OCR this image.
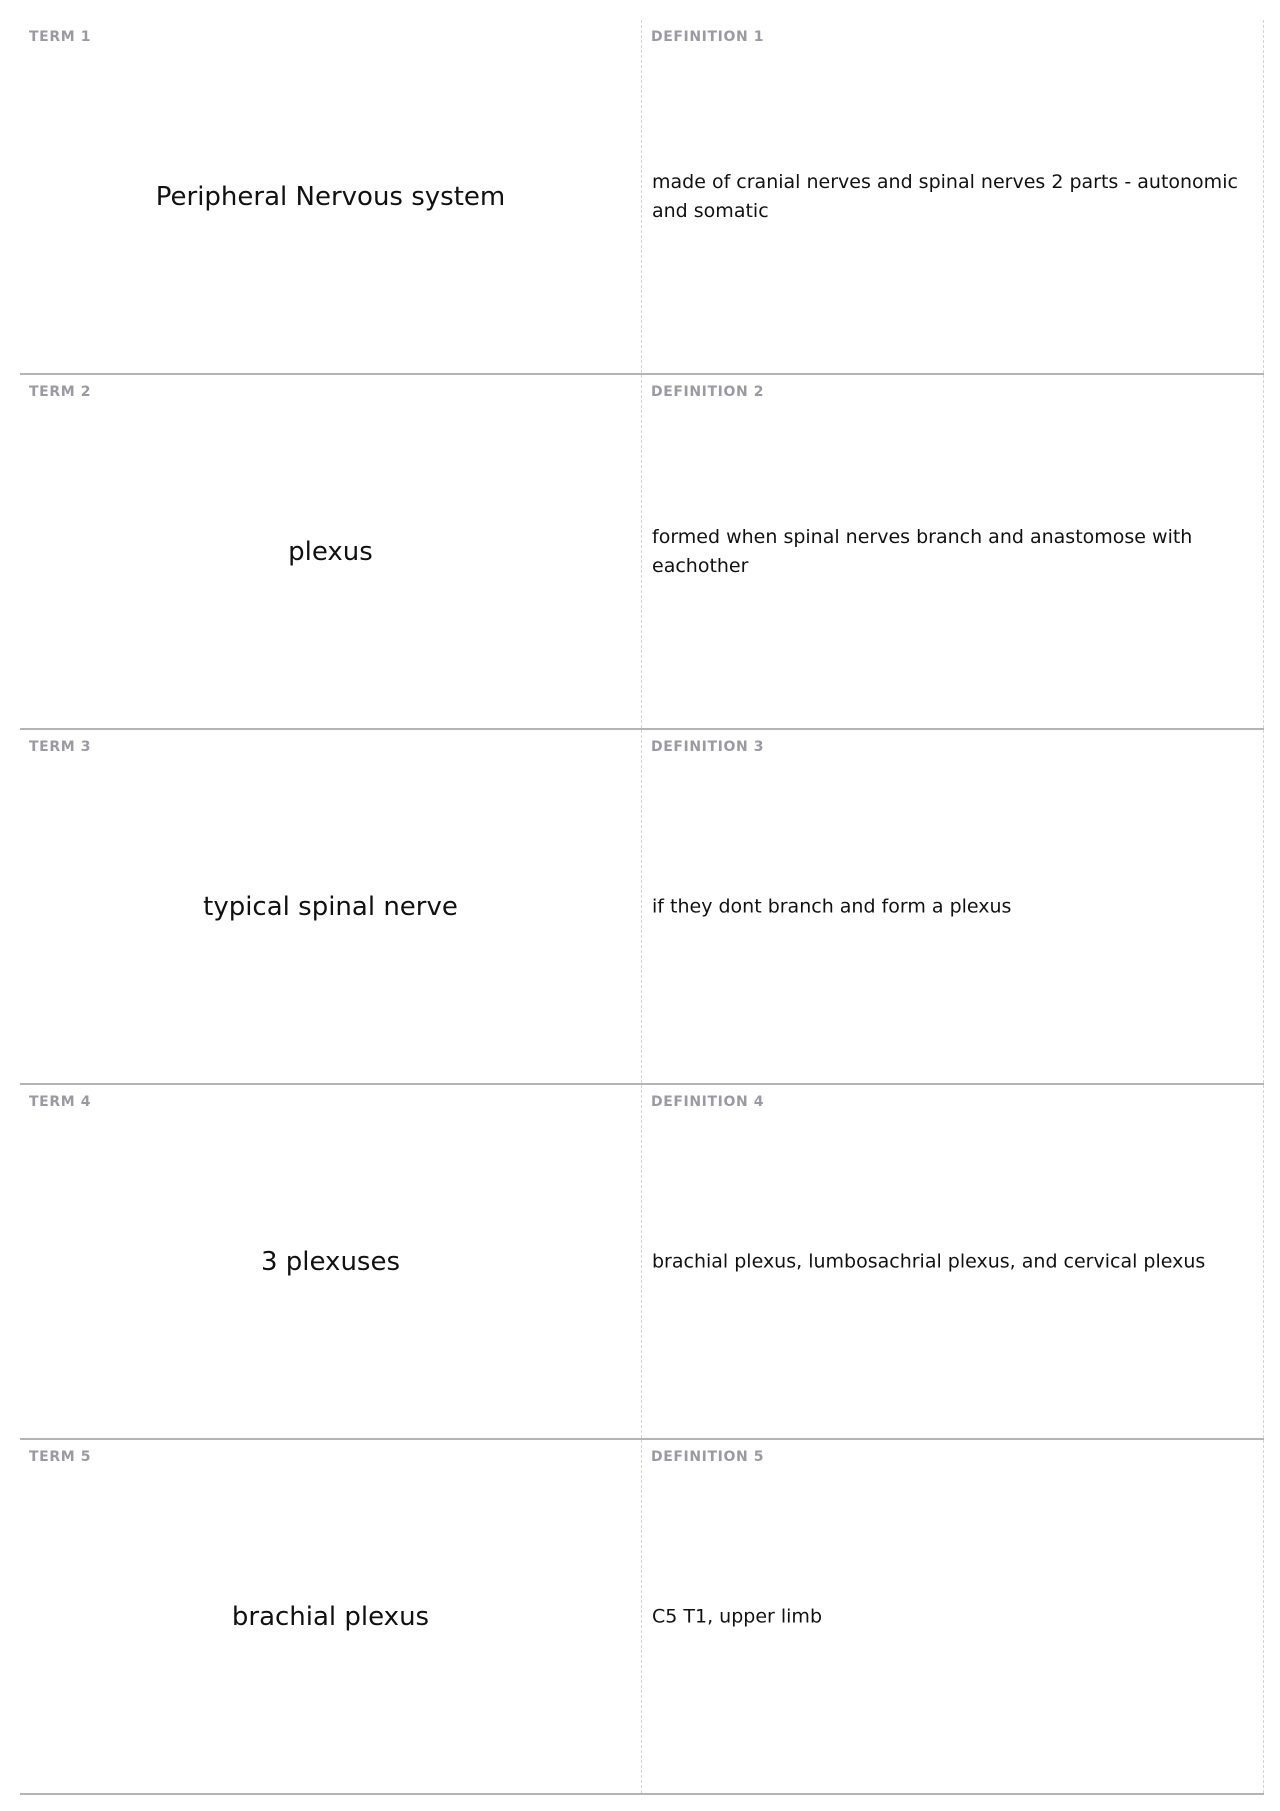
TERM 1
Peripheral Nervous system
DEFINITION 1
made of cranial nerves and spinal nerves 2 parts - autonomic and somatic
TERM 2
plexus
DEFINITION 2
formed when spinal nerves branch and anastomose with eachother
TERM 3
typical spinal nerve
DEFINITION 3
if they dont branch and form a plexus
TERM 4
3 plexuses
DEFINITION 4
brachial plexus, lumbosachrial plexus, and cervical plexus
TERM 5
brachial plexus
DEFINITION 5
C5 T1, upper limb
